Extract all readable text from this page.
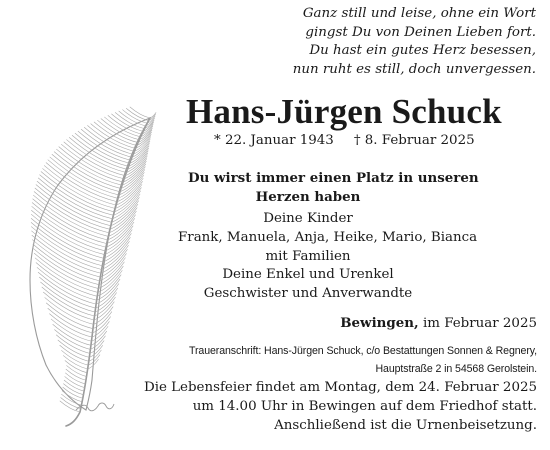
Ganz still und leise, ohne ein Wort
gingst Du von Deinen Lieben fort.
Du hast ein gutes Herz besessen,
nun ruht es still, doch unvergessen.
Hans-Jürgen Schuck
* 22. Januar 1943 † 8. Februar 2025
Du wirst immer einen Platz in unseren
Herzen haben
Deine Kinder
Frank, Manuela, Anja, Heike, Mario, Bianca
mit Familien
Deine Enkel und Urenkel
Geschwister und Anverwandte
Bewingen, im Februar 2025
Traueranschrift: Hans-Jürgen Schuck, c/o Bestattungen Sonnen & Regnery,
Hauptstraße 2 in 54568 Gerolstein.
Die Lebensfeier findet am Montag, dem 24. Februar 2025
um 14.00 Uhr in Bewingen auf dem Friedhof statt.
Anschließend ist die Urnenbeisetzung.
